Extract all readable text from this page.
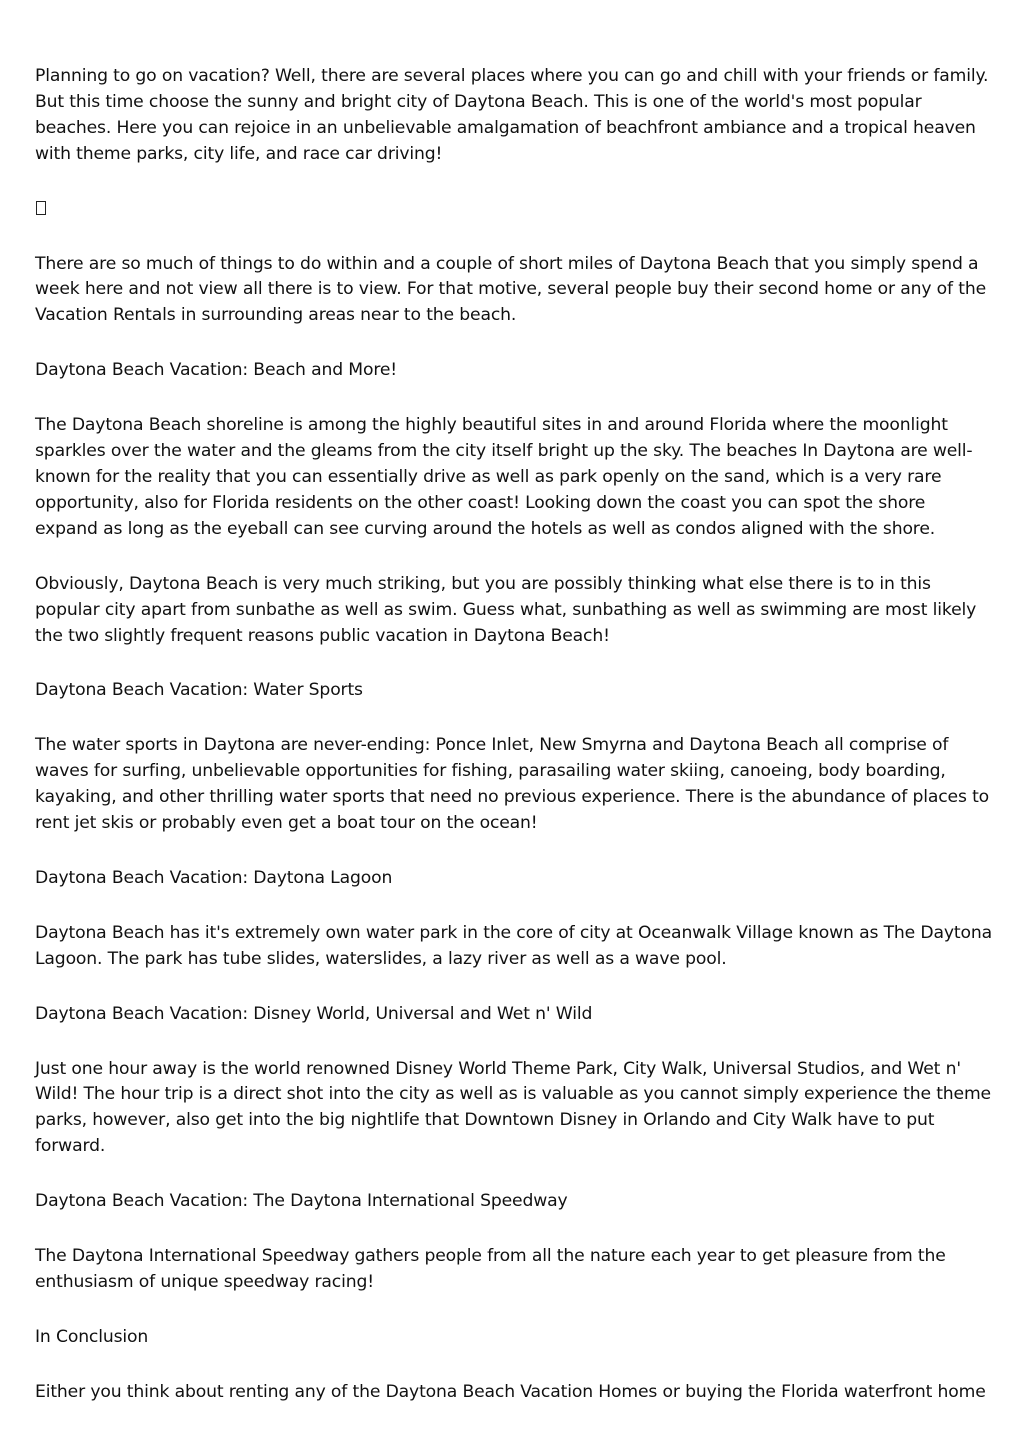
Planning to go on vacation? Well, there are several places where you can go and chill with your friends or family. But this time choose the sunny and bright city of Daytona Beach. This is one of the world's most popular beaches. Here you can rejoice in an unbelievable amalgamation of beachfront ambiance and a tropical heaven with theme parks, city life, and race car driving!

There are so much of things to do within and a couple of short miles of Daytona Beach that you simply spend a week here and not view all there is to view. For that motive, several people buy their second home or any of the Vacation Rentals in surrounding areas near to the beach.

Daytona Beach Vacation: Beach and More!

The Daytona Beach shoreline is among the highly beautiful sites in and around Florida where the moonlight sparkles over the water and the gleams from the city itself bright up the sky. The beaches In Daytona are well-known for the reality that you can essentially drive as well as park openly on the sand, which is a very rare opportunity, also for Florida residents on the other coast! Looking down the coast you can spot the shore expand as long as the eyeball can see curving around the hotels as well as condos aligned with the shore.

Obviously, Daytona Beach is very much striking, but you are possibly thinking what else there is to in this popular city apart from sunbathe as well as swim. Guess what, sunbathing as well as swimming are most likely the two slightly frequent reasons public vacation in Daytona Beach!

Daytona Beach Vacation: Water Sports

The water sports in Daytona are never-ending: Ponce Inlet, New Smyrna and Daytona Beach all comprise of waves for surfing, unbelievable opportunities for fishing, parasailing water skiing, canoeing, body boarding, kayaking, and other thrilling water sports that need no previous experience. There is the abundance of places to rent jet skis or probably even get a boat tour on the ocean!

Daytona Beach Vacation: Daytona Lagoon

Daytona Beach has it's extremely own water park in the core of city at Oceanwalk Village known as The Daytona Lagoon. The park has tube slides, waterslides, a lazy river as well as a wave pool.

Daytona Beach Vacation: Disney World, Universal and Wet n' Wild

Just one hour away is the world renowned Disney World Theme Park, City Walk, Universal Studios, and Wet n' Wild! The hour trip is a direct shot into the city as well as is valuable as you cannot simply experience the theme parks, however, also get into the big nightlife that Downtown Disney in Orlando and City Walk have to put forward.

Daytona Beach Vacation: The Daytona International Speedway

The Daytona International Speedway gathers people from all the nature each year to get pleasure from the enthusiasm of unique speedway racing!

In Conclusion

Either you think about renting any of the Daytona Beach Vacation Homes or buying the Florida waterfront home
